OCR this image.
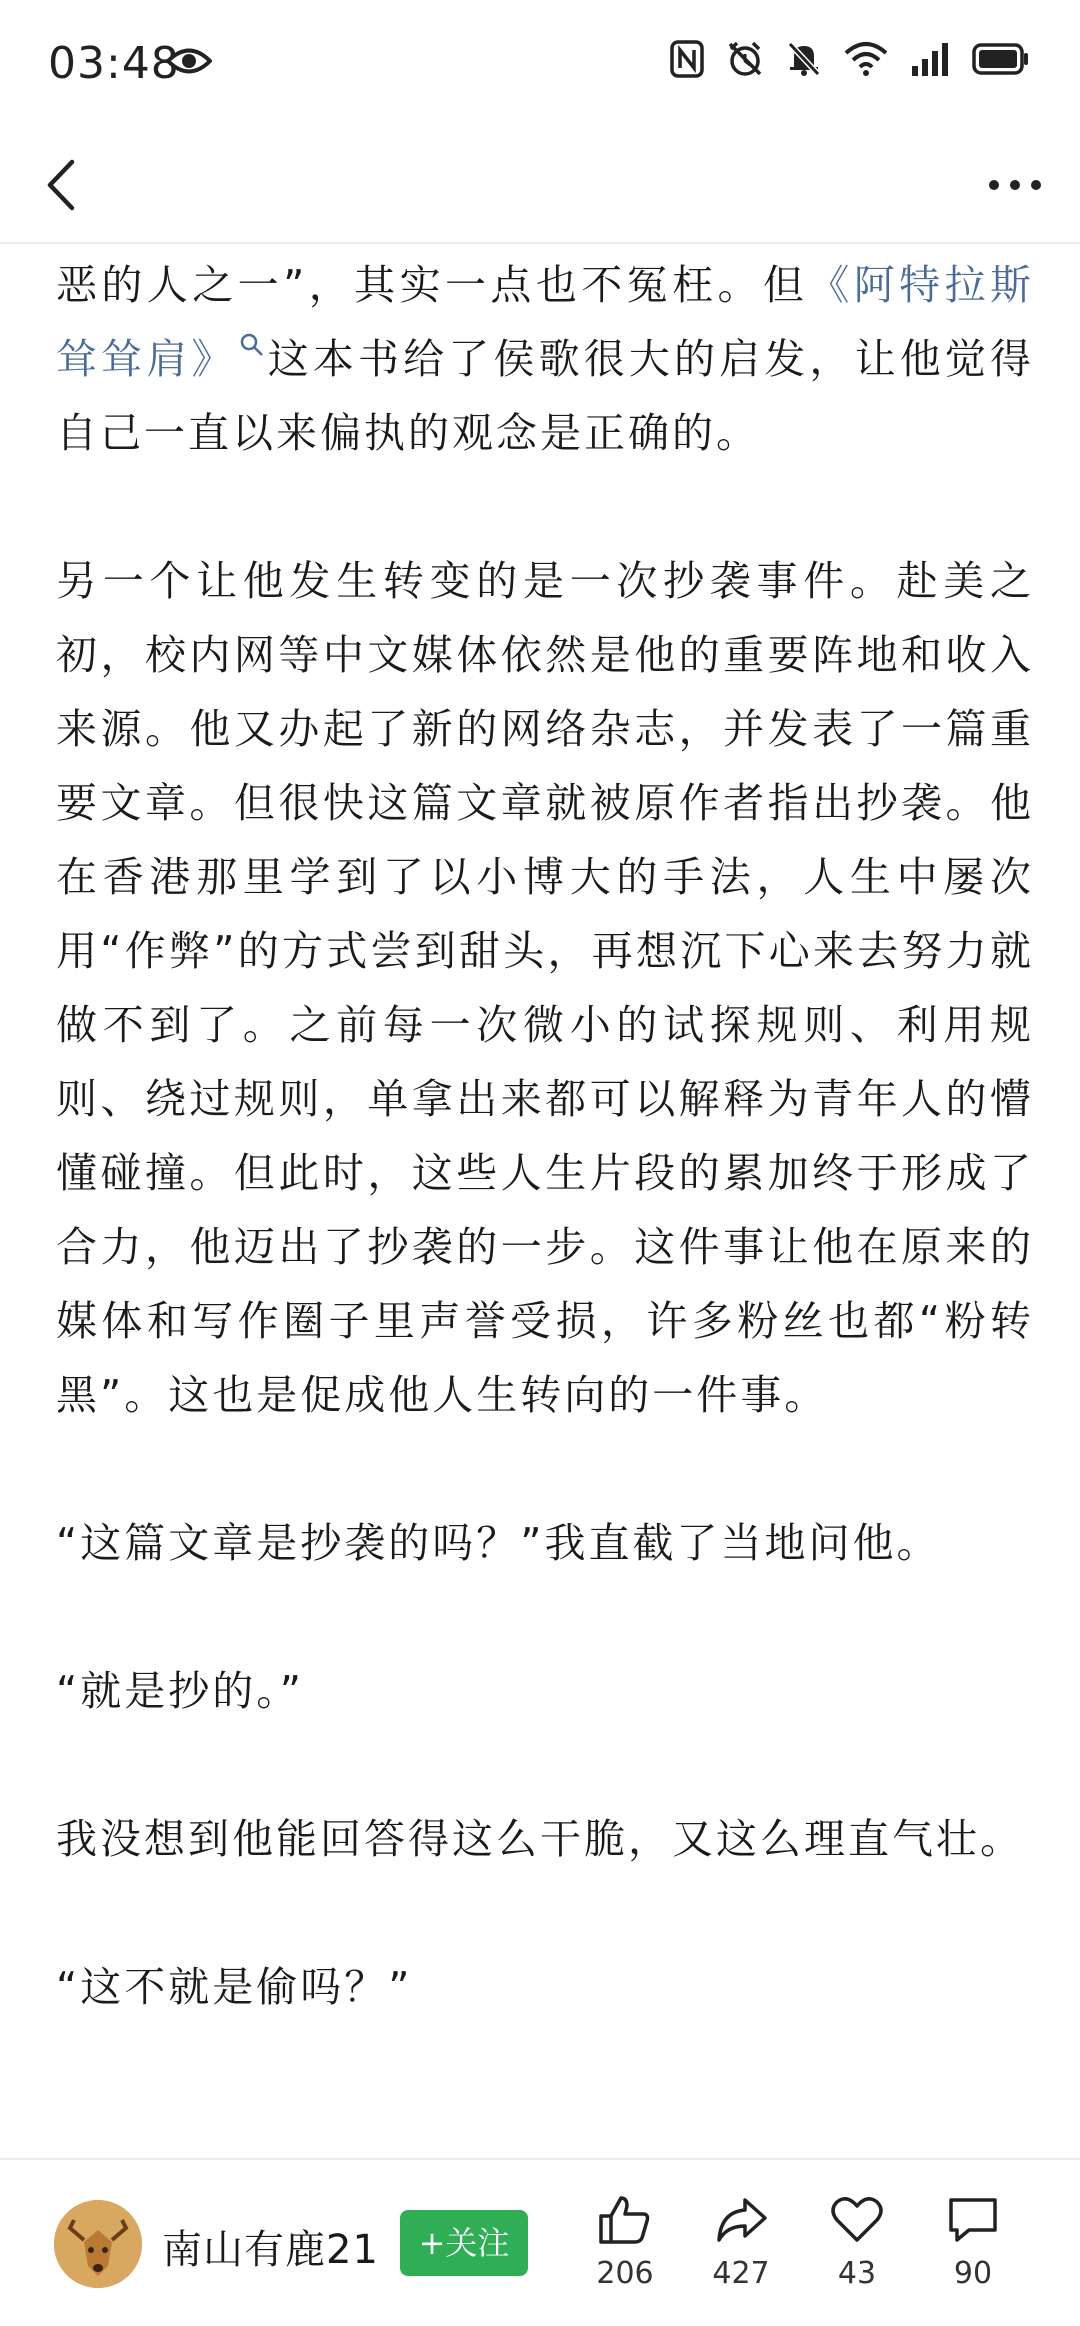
03:48

恶的人之一”，其实一点也不冤枉。但《阿特拉斯耸耸肩》 这本书给了侯歌很大的启发，让他觉得自己一直以来偏执的观念是正确的。

另一个让他发生转变的是一次抄袭事件。赴美之初，校内网等中文媒体依然是他的重要阵地和收入来源。他又办起了新的网络杂志，并发表了一篇重要文章。但很快这篇文章就被原作者指出抄袭。他在香港那里学到了以小博大的手法，人生中屡次用“作弊”的方式尝到甜头，再想沉下心来去努力就做不到了。之前每一次微小的试探规则、利用规则、绕过规则，单拿出来都可以解释为青年人的懵懂碰撞。但此时，这些人生片段的累加终于形成了合力，他迈出了抄袭的一步。这件事让他在原来的媒体和写作圈子里声誉受损，许多粉丝也都“粉转黑”。这也是促成他人生转向的一件事。

“这篇文章是抄袭的吗？”我直截了当地问他。

“就是抄的。”

我没想到他能回答得这么干脆，又这么理直气壮。

“这不就是偷吗？”

南山有鹿21	+关注
206	427	43	90
